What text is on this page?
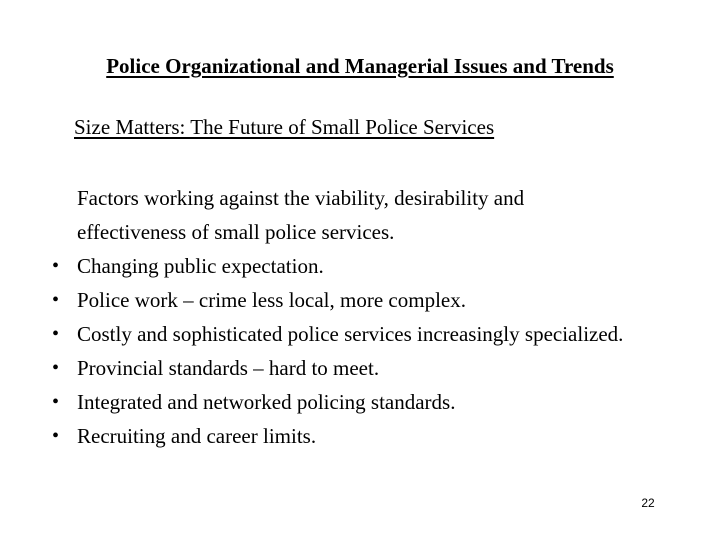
Police Organizational and Managerial Issues and Trends
Size Matters: The Future of Small Police Services
Factors working against the viability, desirability and effectiveness of small police services.
• Changing public expectation.
• Police work – crime less local, more complex.
• Costly and sophisticated police services increasingly specialized.
• Provincial standards – hard to meet.
• Integrated and networked policing standards.
• Recruiting and career limits.
22
